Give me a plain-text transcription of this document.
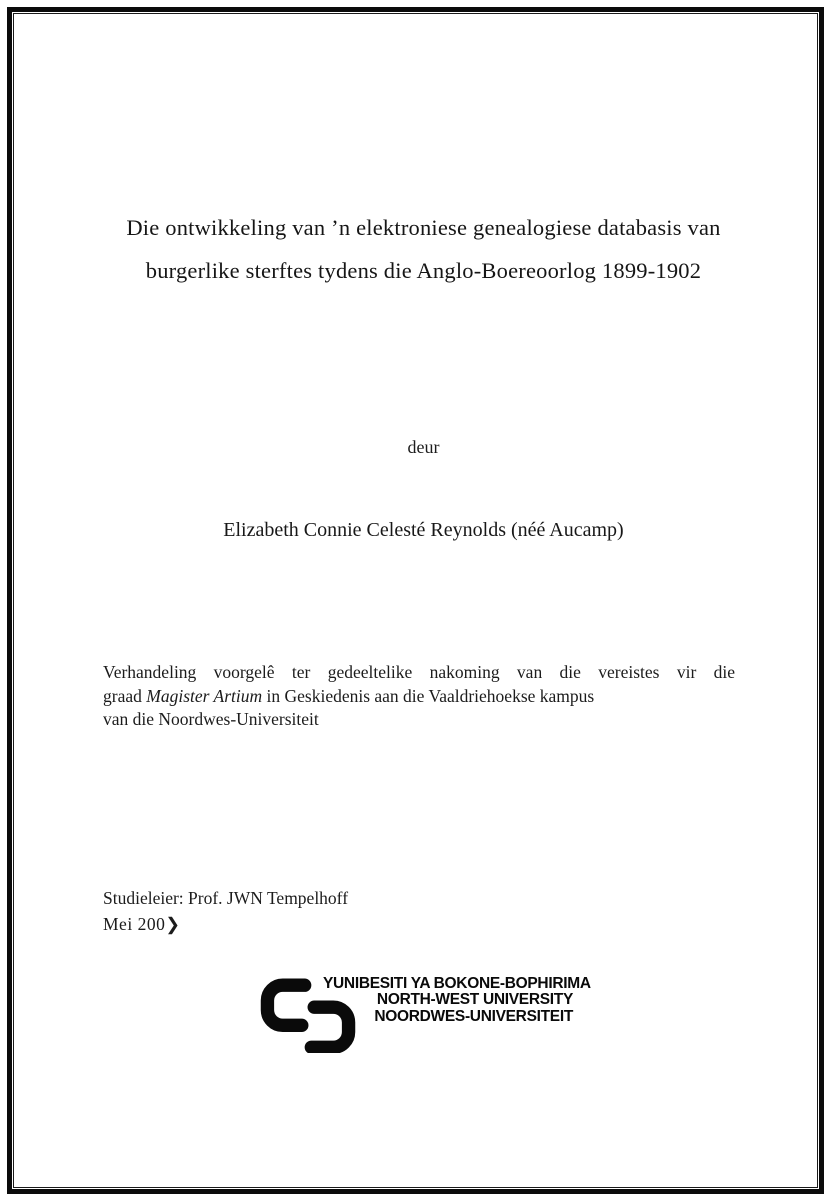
Die ontwikkeling van ’n elektroniese genealogiese databasis van
burgerlike sterftes tydens die Anglo-Boereoorlog 1899-1902
deur
Elizabeth Connie Celesté Reynolds (néé Aucamp)
Verhandeling voorgelê ter gedeeltelike nakoming van die vereistes vir die
graad Magister Artium in Geskiedenis aan die Vaaldriehoekse kampus
van die Noordwes-Universiteit
Studieleier: Prof. JWN Tempelhoff
Mei 200❯
YUNIBESITI YA BOKONE-BOPHIRIMA
NORTH-WEST UNIVERSITY
NOORDWES-UNIVERSITEIT
